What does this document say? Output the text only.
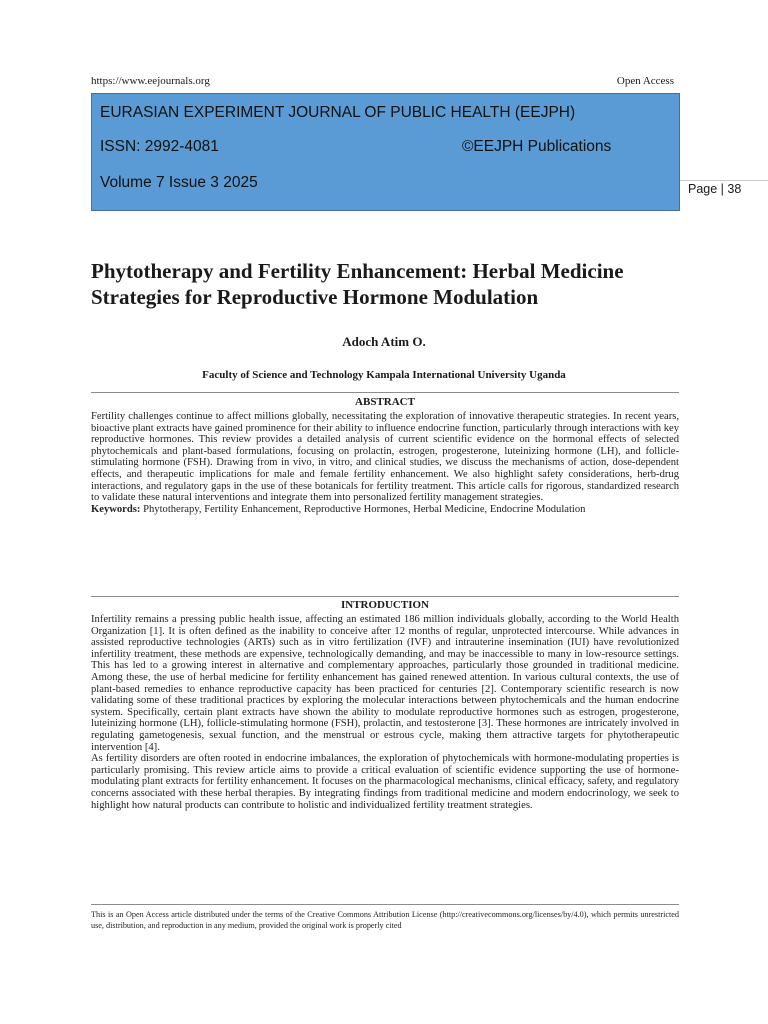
https://www.eejournals.org	Open Access
EURASIAN EXPERIMENT JOURNAL OF PUBLIC HEALTH (EEJPH)
ISSN: 2992-4081	©EEJPH Publications
Volume 7 Issue 3 2025	Page | 38
Phytotherapy and Fertility Enhancement: Herbal Medicine Strategies for Reproductive Hormone Modulation
Adoch Atim O.
Faculty of Science and Technology Kampala International University Uganda
ABSTRACT

Fertility challenges continue to affect millions globally, necessitating the exploration of innovative therapeutic strategies. In recent years, bioactive plant extracts have gained prominence for their ability to influence endocrine function, particularly through interactions with key reproductive hormones. This review provides a detailed analysis of current scientific evidence on the hormonal effects of selected phytochemicals and plant-based formulations, focusing on prolactin, estrogen, progesterone, luteinizing hormone (LH), and follicle-stimulating hormone (FSH). Drawing from in vivo, in vitro, and clinical studies, we discuss the mechanisms of action, dose-dependent effects, and therapeutic implications for male and female fertility enhancement. We also highlight safety considerations, herb-drug interactions, and regulatory gaps in the use of these botanicals for fertility treatment. This article calls for rigorous, standardized research to validate these natural interventions and integrate them into personalized fertility management strategies.

Keywords: Phytotherapy, Fertility Enhancement, Reproductive Hormones, Herbal Medicine, Endocrine Modulation

INTRODUCTION

Infertility remains a pressing public health issue, affecting an estimated 186 million individuals globally, according to the World Health Organization [1]. It is often defined as the inability to conceive after 12 months of regular, unprotected intercourse. While advances in assisted reproductive technologies (ARTs) such as in vitro fertilization (IVF) and intrauterine insemination (IUI) have revolutionized infertility treatment, these methods are expensive, technologically demanding, and may be inaccessible to many in low-resource settings. This has led to a growing interest in alternative and complementary approaches, particularly those grounded in traditional medicine. Among these, the use of herbal medicine for fertility enhancement has gained renewed attention. In various cultural contexts, the use of plant-based remedies to enhance reproductive capacity has been practiced for centuries [2]. Contemporary scientific research is now validating some of these traditional practices by exploring the molecular interactions between phytochemicals and the human endocrine system. Specifically, certain plant extracts have shown the ability to modulate reproductive hormones such as estrogen, progesterone, luteinizing hormone (LH), follicle-stimulating hormone (FSH), prolactin, and testosterone [3]. These hormones are intricately involved in regulating gametogenesis, sexual function, and the menstrual or estrous cycle, making them attractive targets for phytotherapeutic intervention [4].

As fertility disorders are often rooted in endocrine imbalances, the exploration of phytochemicals with hormone-modulating properties is particularly promising. This review article aims to provide a critical evaluation of scientific evidence supporting the use of hormone-modulating plant extracts for fertility enhancement. It focuses on the pharmacological mechanisms, clinical efficacy, safety, and regulatory concerns associated with these herbal therapies. By integrating findings from traditional medicine and modern endocrinology, we seek to highlight how natural products can contribute to holistic and individualized fertility treatment strategies.

This is an Open Access article distributed under the terms of the Creative Commons Attribution License (http://creativecommons.org/licenses/by/4.0), which permits unrestricted use, distribution, and reproduction in any medium, provided the original work is properly cited
